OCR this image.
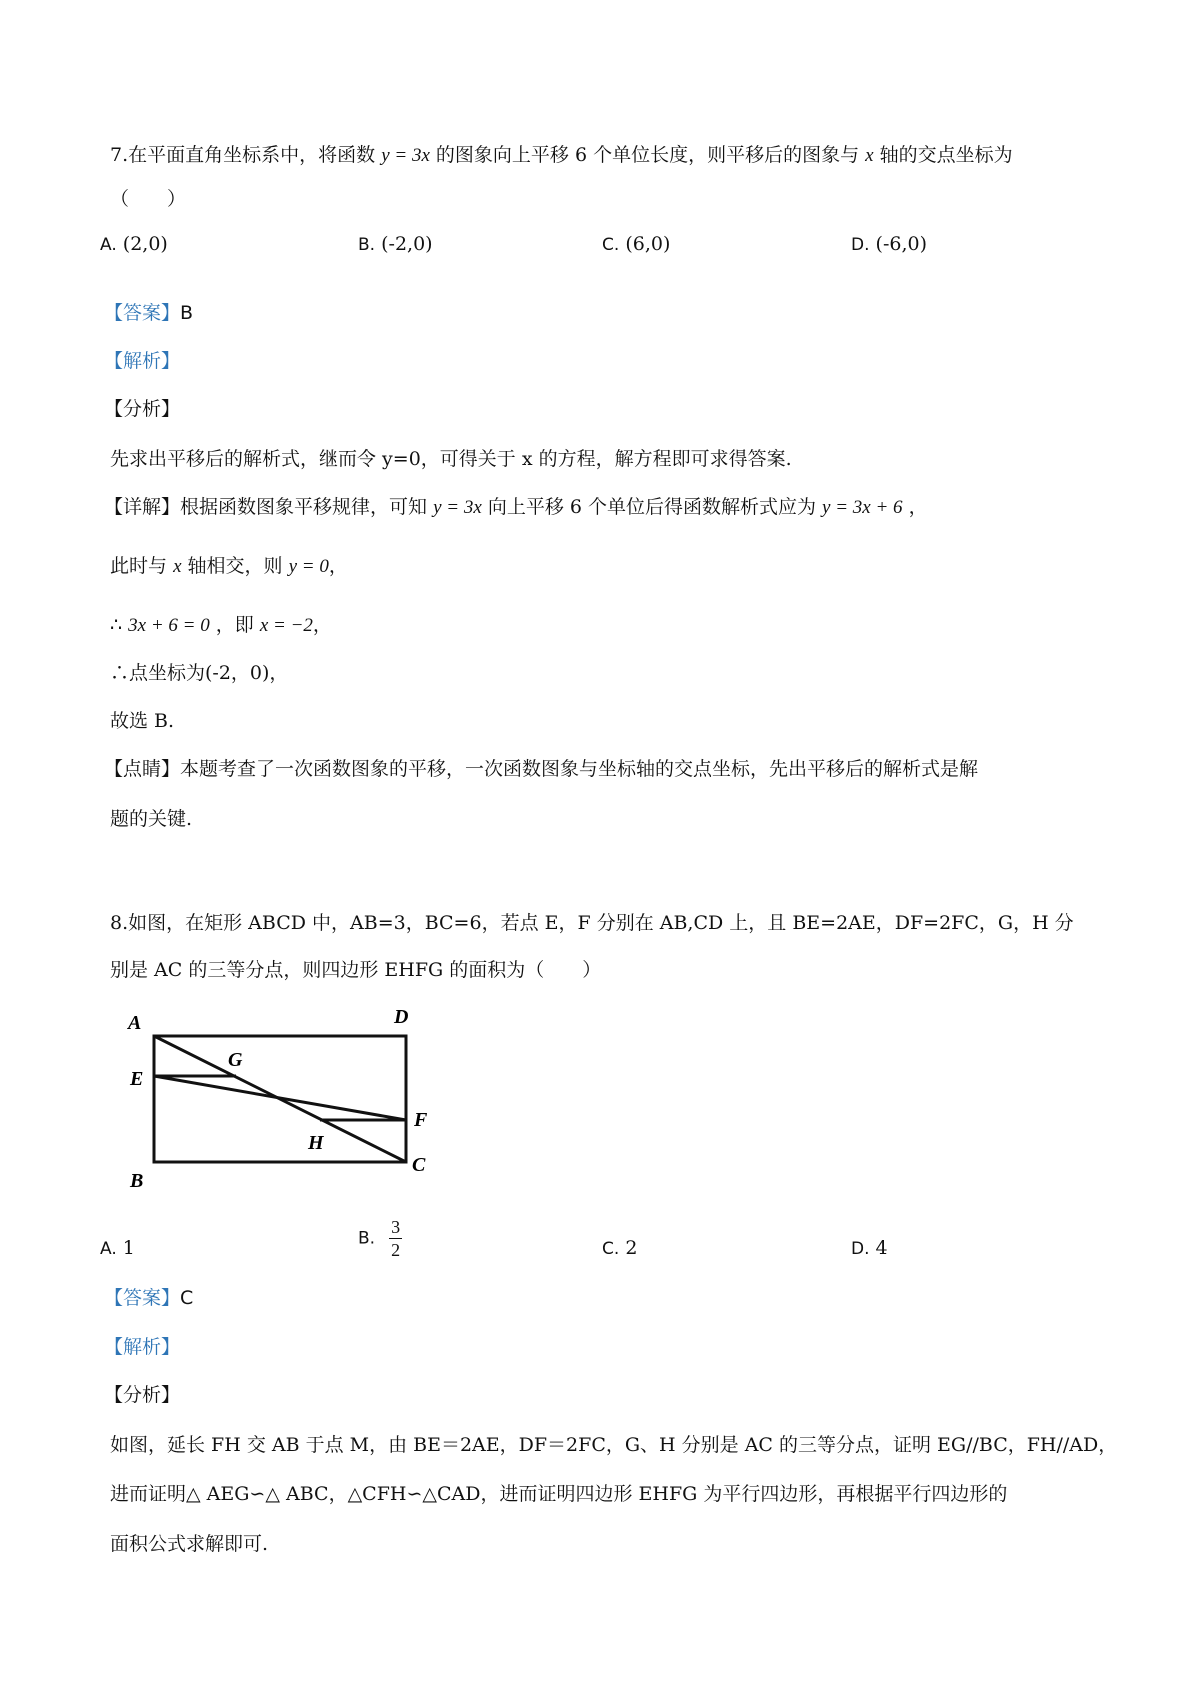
7.在平面直角坐标系中，将函数 y = 3x 的图象向上平移 6 个单位长度，则平移后的图象与 x 轴的交点坐标为
（　　）
A. (2,0)	B. (-2,0)	C. (6,0)	D. (-6,0)
【答案】B
【解析】
【分析】
先求出平移后的解析式，继而令 y=0，可得关于 x 的方程，解方程即可求得答案.
【详解】根据函数图象平移规律，可知 y = 3x 向上平移 6 个单位后得函数解析式应为 y = 3x + 6 ，
此时与 x 轴相交，则 y = 0，
∴ 3x + 6 = 0 ，即 x = −2，
∴点坐标为(-2，0)，
故选 B.
【点睛】本题考查了一次函数图象的平移，一次函数图象与坐标轴的交点坐标，先出平移后的解析式是解
题的关键.
8.如图，在矩形 ABCD 中，AB=3，BC=6，若点 E，F 分别在 AB,CD 上，且 BE=2AE，DF=2FC，G，H 分
别是 AC 的三等分点，则四边形 EHFG 的面积为（　　）
A	D
G
E
F
H
B
C
A. 1	B. $\frac{3}{2}$	C. 2	D. 4
【答案】C
【解析】
【分析】
如图，延长 FH 交 AB 于点 M，由 BE＝2AE，DF＝2FC，G、H 分别是 AC 的三等分点，证明 EG//BC，FH//AD，
进而证明△ AEG∽△ ABC，△CFH∽△CAD，进而证明四边形 EHFG 为平行四边形，再根据平行四边形的
面积公式求解即可.
